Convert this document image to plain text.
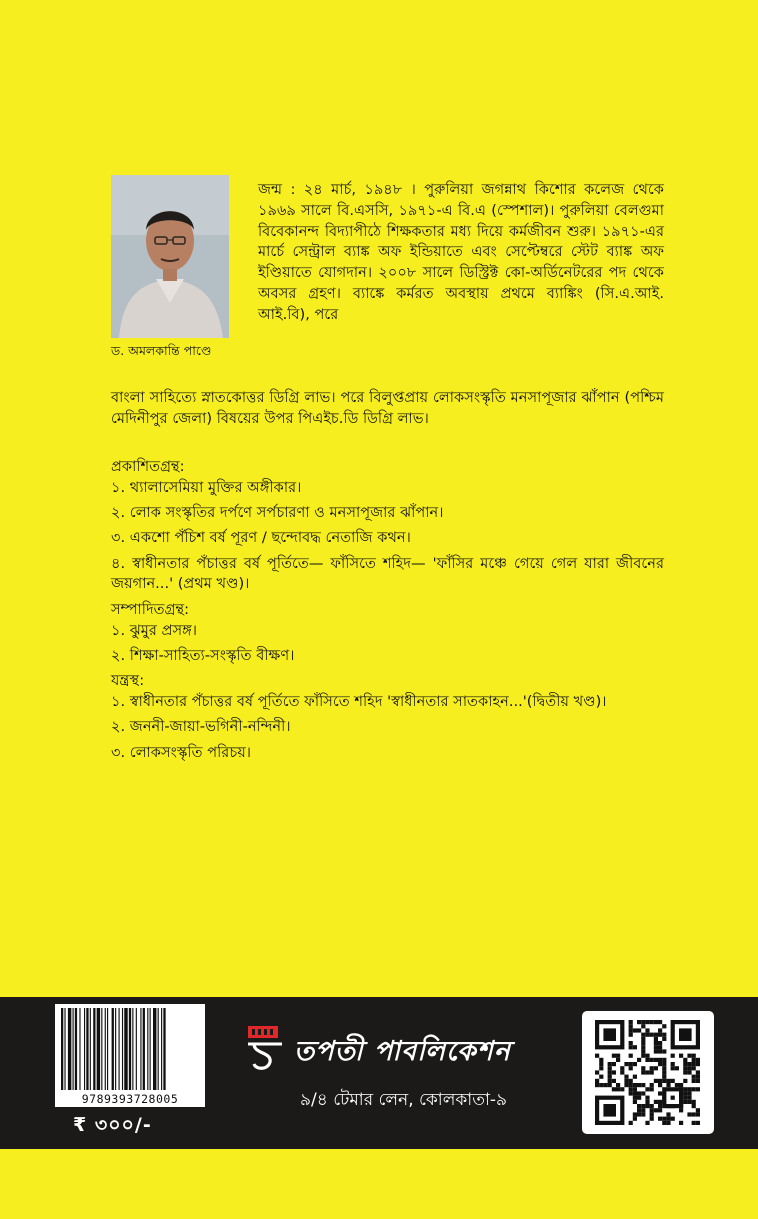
ড. অমলকান্তি পাণ্ডে
জন্ম : ২৪ মার্চ, ১৯৪৮ । পুরুলিয়া জগন্নাথ কিশোর কলেজ থেকে ১৯৬৯ সালে বি.এসসি, ১৯৭১-এ বি.এ (স্পেশাল)। পুরুলিয়া বেলগুমা বিবেকানন্দ বিদ্যাপীঠে শিক্ষকতার মধ্য দিয়ে কর্মজীবন শুরু। ১৯৭১-এর মার্চে সেন্ট্রাল ব্যাঙ্ক অফ ইন্ডিয়াতে এবং সেপ্টেম্বরে স্টেট ব্যাঙ্ক অফ ইণ্ডিয়াতে যোগদান। ২০০৮ সালে ডিস্ট্রিক্ট কো-অর্ডিনেটরের পদ থেকে অবসর গ্রহণ। ব্যাঙ্কে কর্মরত অবস্থায় প্রথমে ব্যাঙ্কিং (সি.এ.আই. আই.বি), পরে
বাংলা সাহিত্যে স্নাতকোত্তর ডিগ্রি লাভ। পরে বিলুপ্তপ্রায় লোকসংস্কৃতি মনসাপূজার ঝাঁপান (পশ্চিম মেদিনীপুর জেলা) বিষয়ের উপর পিএইচ.ডি ডিগ্রি লাভ।

প্রকাশিতগ্রন্থ:

১. থ্যালাসেমিয়া মুক্তির অঙ্গীকার।

২. লোক সংস্কৃতির দর্পণে সর্পচারণা ও মনসাপূজার ঝাঁপান।

৩. একশো পঁচিশ বর্ষ পূরণ / ছন্দোবদ্ধ নেতাজি কথন।

৪. স্বাধীনতার পঁচাত্তর বর্ষ পূর্তিতে— ফাঁসিতে শহিদ— 'ফাঁসির মঞ্চে গেয়ে গেল যারা জীবনের জয়গান...' (প্রথম খণ্ড)।

সম্পাদিতগ্রন্থ:

১. ঝুমুর প্রসঙ্গ।

২. শিক্ষা-সাহিত্য-সংস্কৃতি বীক্ষণ।

যন্ত্রস্থ:

১. স্বাধীনতার পঁচাত্তর বর্ষ পূর্তিতে ফাঁসিতে শহিদ 'স্বাধীনতার সাতকাহন...'(দ্বিতীয় খণ্ড)।

২. জননী-জায়া-ভগিনী-নন্দিনী।

৩. লোকসংস্কৃতি পরিচয়।

9789393728005
₹ ৩০০/-
তপতী পাবলিকেশন
৯/৪ টেমার লেন, কোলকাতা-৯
